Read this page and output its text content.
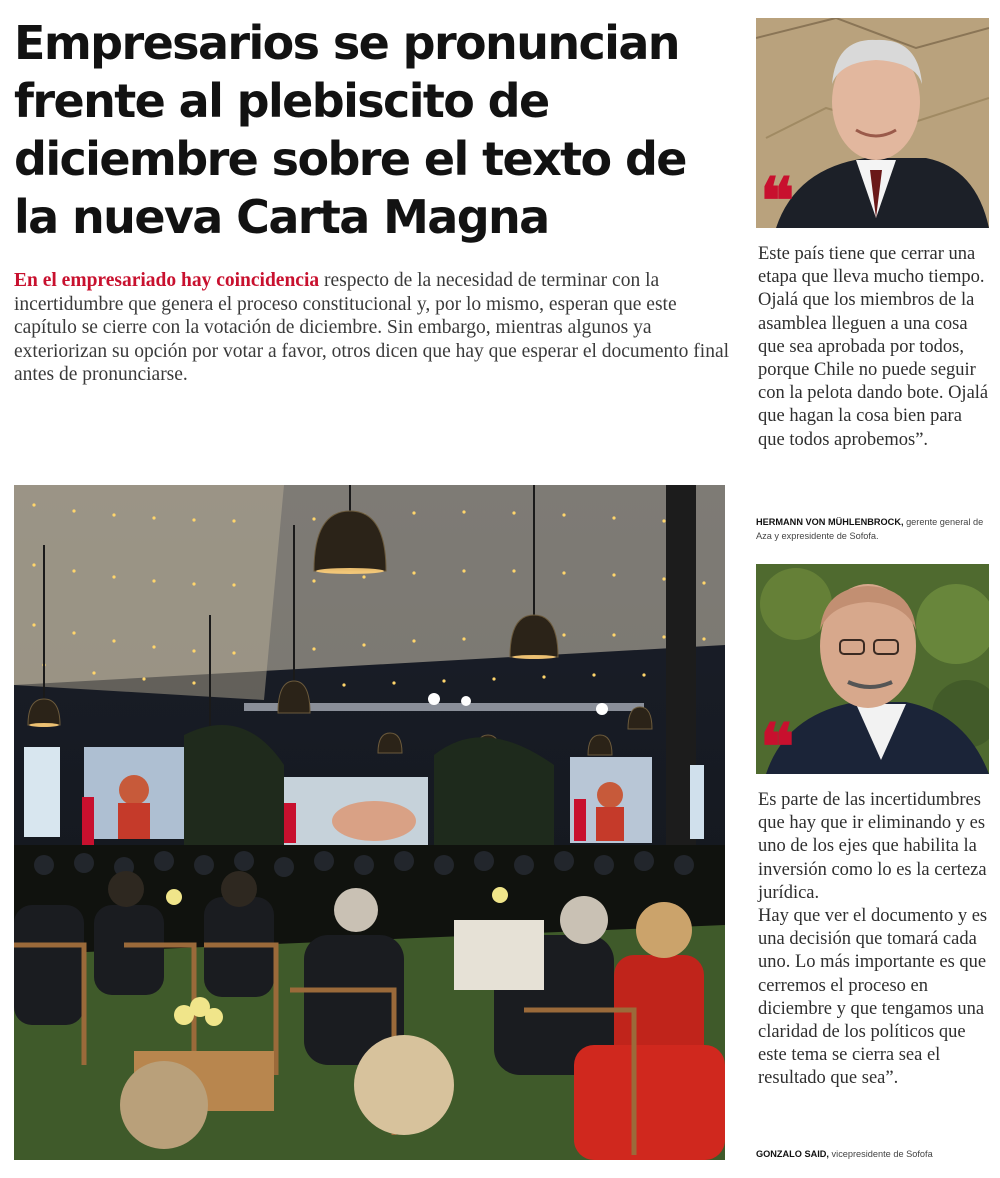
Empresarios se pronuncian
frente al plebiscito de
diciembre sobre el texto de
la nueva Carta Magna

En el empresariado hay coincidencia respecto de la necesidad de terminar con la incertidumbre que genera el proceso constitucional y, por lo mismo, esperan que este capítulo se cierre con la votación de diciembre. Sin embargo, mientras algunos ya exteriorizan su opción por votar a favor, otros dicen que hay que esperar el documento final antes de pronunciarse.

❝

Este país tiene que cerrar una etapa que lleva mucho tiempo. Ojalá que los miembros de la asamblea lleguen a una cosa que sea aprobada por todos, porque Chile no puede seguir con la pelota dando bote. Ojalá que hagan la cosa bien para que todos aprobemos”.

HERMANN VON MÜHLENBROCK, gerente general de Aza y expresidente de Sofofa.

❝

Es parte de las incertidumbres que hay que ir eliminando y es uno de los ejes que habilita la inversión como lo es la certeza jurídica.
Hay que ver el documento y es una decisión que tomará cada uno. Lo más importante es que cerremos el proceso en diciembre y que tengamos una claridad de los políticos que este tema se cierra sea el resultado que sea”.

GONZALO SAID, vicepresidente de Sofofa
